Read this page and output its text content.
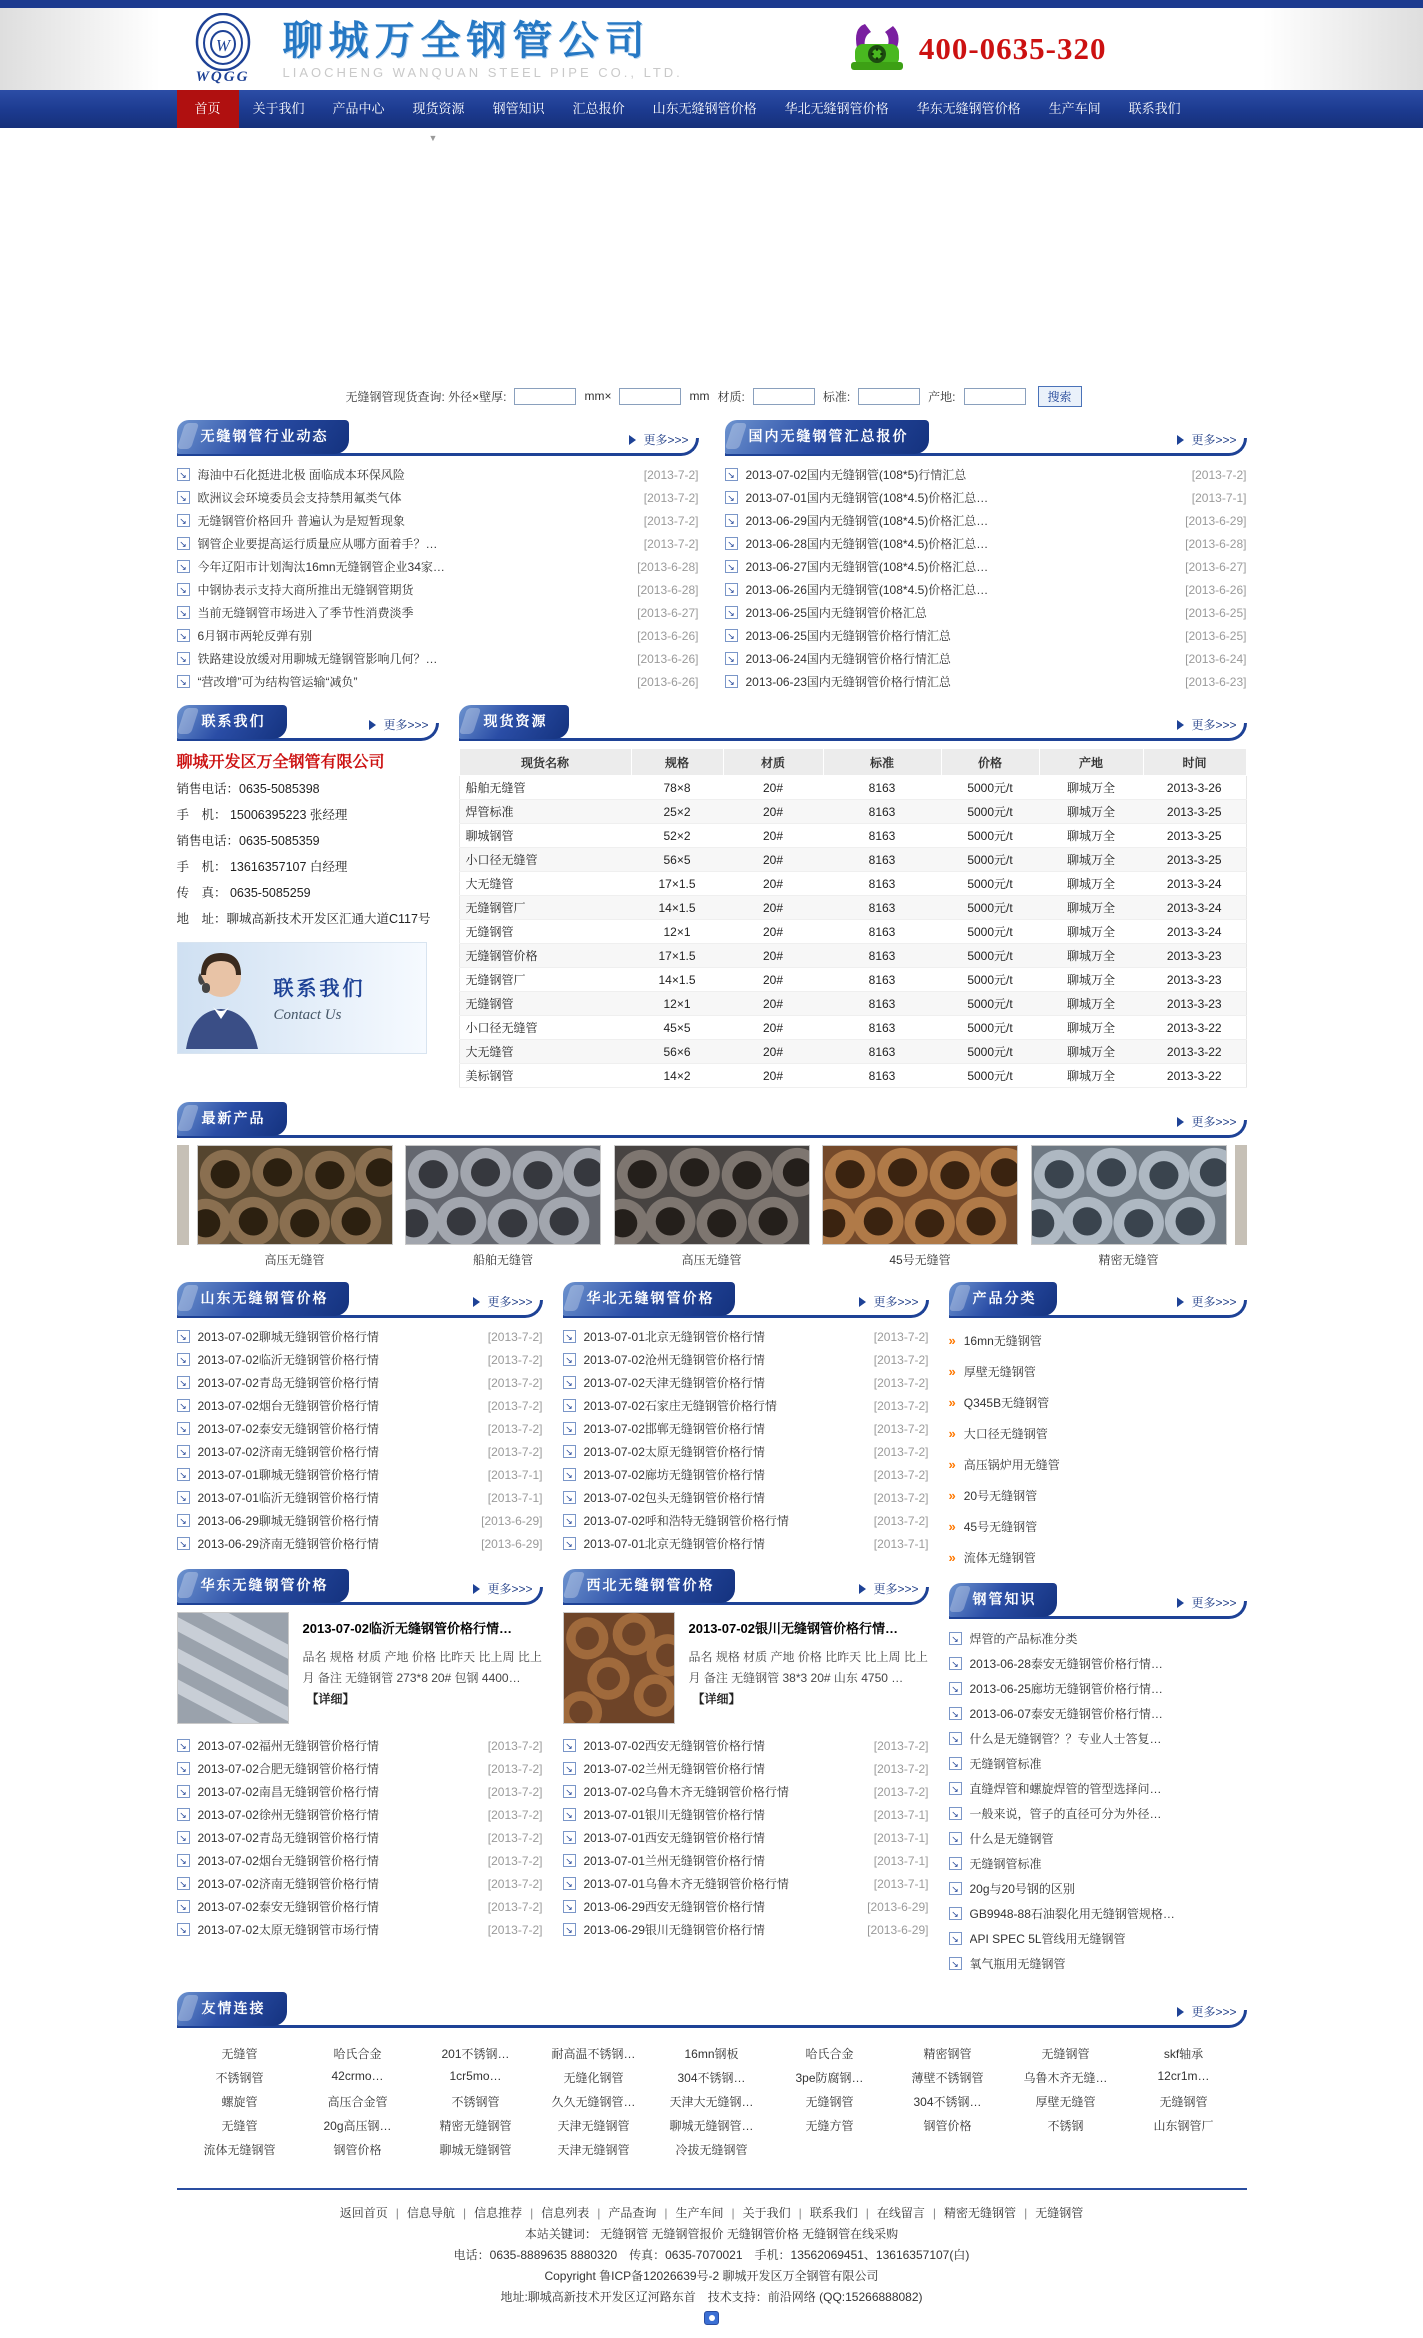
W
WQGG
聊城万全钢管公司
LIAOCHENG WANQUAN STEEL PIPE CO., LTD.
400-0635-320
首页	关于我们	产品中心	现货资源	钢管知识	汇总报价	山东无缝钢管价格	华北无缝钢管价格	华东无缝钢管价格	生产车间	联系我们
▼
无缝钢管现货查询: 外径×壁厚:	mm×	mm 材质:	标准:	产地:	搜索
无缝钢管行业动态	更多>>>
↘
海油中石化挺进北极 面临成本环保风险	[2013-7-2]
↘
欧洲议会环境委员会支持禁用氟类气体	[2013-7-2]
↘
无缝钢管价格回升 普遍认为是短暂现象	[2013-7-2]
↘
钢管企业要提高运行质量应从哪方面着手？…	[2013-7-2]
↘
今年辽阳市计划淘汰16mn无缝钢管企业34家…	[2013-6-28]
↘
中钢协表示支持大商所推出无缝钢管期货	[2013-6-28]
↘
当前无缝钢管市场进入了季节性消费淡季	[2013-6-27]
↘
6月钢市两轮反弹有别	[2013-6-26]
↘
铁路建设放缓对用聊城无缝钢管影响几何？…	[2013-6-26]
↘
“营改增”可为结构管运输“减负”	[2013-6-26]
国内无缝钢管汇总报价	更多>>>
↘
2013-07-02国内无缝钢管(108*5)行情汇总	[2013-7-2]
↘
2013-07-01国内无缝钢管(108*4.5)价格汇总…	[2013-7-1]
↘
2013-06-29国内无缝钢管(108*4.5)价格汇总…	[2013-6-29]
↘
2013-06-28国内无缝钢管(108*4.5)价格汇总…	[2013-6-28]
↘
2013-06-27国内无缝钢管(108*4.5)价格汇总…	[2013-6-27]
↘
2013-06-26国内无缝钢管(108*4.5)价格汇总…	[2013-6-26]
↘
2013-06-25国内无缝钢管价格汇总	[2013-6-25]
↘
2013-06-25国内无缝钢管价格行情汇总	[2013-6-25]
↘
2013-06-24国内无缝钢管价格行情汇总	[2013-6-24]
↘
2013-06-23国内无缝钢管价格行情汇总	[2013-6-23]
联系我们	更多>>>
聊城开发区万全钢管有限公司
销售电话：0635-5085398
手　机： 15006395223 张经理
销售电话：0635-5085359
手　机： 13616357107 白经理
传　真： 0635-5085259
地　址：聊城高新技术开发区汇通大道C117号
联系我们
Contact Us
现货资源	更多>>>
现货名称	规格	材质	标准	价格	产地	时间
船舶无缝管	78×8	20#	8163	5000元/t	聊城万全	2013-3-26
焊管标准	25×2	20#	8163	5000元/t	聊城万全	2013-3-25
聊城钢管	52×2	20#	8163	5000元/t	聊城万全	2013-3-25
小口径无缝管	56×5	20#	8163	5000元/t	聊城万全	2013-3-25
大无缝管	17×1.5	20#	8163	5000元/t	聊城万全	2013-3-24
无缝钢管厂	14×1.5	20#	8163	5000元/t	聊城万全	2013-3-24
无缝钢管	12×1	20#	8163	5000元/t	聊城万全	2013-3-24
无缝钢管价格	17×1.5	20#	8163	5000元/t	聊城万全	2013-3-23
无缝钢管厂	14×1.5	20#	8163	5000元/t	聊城万全	2013-3-23
无缝钢管	12×1	20#	8163	5000元/t	聊城万全	2013-3-23
小口径无缝管	45×5	20#	8163	5000元/t	聊城万全	2013-3-22
大无缝管	56×6	20#	8163	5000元/t	聊城万全	2013-3-22
美标钢管	14×2	20#	8163	5000元/t	聊城万全	2013-3-22
最新产品	更多>>>
高压无缝管	船舶无缝管	高压无缝管	45号无缝管	精密无缝管
山东无缝钢管价格	更多>>>
↘
2013-07-02聊城无缝钢管价格行情	[2013-7-2]
↘
2013-07-02临沂无缝钢管价格行情	[2013-7-2]
↘
2013-07-02青岛无缝钢管价格行情	[2013-7-2]
↘
2013-07-02烟台无缝钢管价格行情	[2013-7-2]
↘
2013-07-02泰安无缝钢管价格行情	[2013-7-2]
↘
2013-07-02济南无缝钢管价格行情	[2013-7-2]
↘
2013-07-01聊城无缝钢管价格行情	[2013-7-1]
↘
2013-07-01临沂无缝钢管价格行情	[2013-7-1]
↘
2013-06-29聊城无缝钢管价格行情	[2013-6-29]
↘
2013-06-29济南无缝钢管价格行情	[2013-6-29]
华北无缝钢管价格	更多>>>
↘
2013-07-01北京无缝钢管价格行情	[2013-7-2]
↘
2013-07-02沧州无缝钢管价格行情	[2013-7-2]
↘
2013-07-02天津无缝钢管价格行情	[2013-7-2]
↘
2013-07-02石家庄无缝钢管价格行情	[2013-7-2]
↘
2013-07-02邯郸无缝钢管价格行情	[2013-7-2]
↘
2013-07-02太原无缝钢管价格行情	[2013-7-2]
↘
2013-07-02廊坊无缝钢管价格行情	[2013-7-2]
↘
2013-07-02包头无缝钢管价格行情	[2013-7-2]
↘
2013-07-02呼和浩特无缝钢管价格行情	[2013-7-2]
↘
2013-07-01北京无缝钢管价格行情	[2013-7-1]
华东无缝钢管价格	更多>>>
2013-07-02临沂无缝钢管价格行情…

品名 规格 材质 产地 价格 比昨天 比上周 比上月 备注 无缝钢管 273*8 20# 包钢 4400…【详细】

↘
2013-07-02福州无缝钢管价格行情	[2013-7-2]
↘
2013-07-02合肥无缝钢管价格行情	[2013-7-2]
↘
2013-07-02南昌无缝钢管价格行情	[2013-7-2]
↘
2013-07-02徐州无缝钢管价格行情	[2013-7-2]
↘
2013-07-02青岛无缝钢管价格行情	[2013-7-2]
↘
2013-07-02烟台无缝钢管价格行情	[2013-7-2]
↘
2013-07-02济南无缝钢管价格行情	[2013-7-2]
↘
2013-07-02泰安无缝钢管价格行情	[2013-7-2]
↘
2013-07-02太原无缝钢管市场行情	[2013-7-2]
西北无缝钢管价格	更多>>>
2013-07-02银川无缝钢管价格行情…

品名 规格 材质 产地 价格 比昨天 比上周 比上月 备注 无缝钢管 38*3 20# 山东 4750 …【详细】

↘
2013-07-02西安无缝钢管价格行情	[2013-7-2]
↘
2013-07-02兰州无缝钢管价格行情	[2013-7-2]
↘
2013-07-02乌鲁木齐无缝钢管价格行情	[2013-7-2]
↘
2013-07-01银川无缝钢管价格行情	[2013-7-1]
↘
2013-07-01西安无缝钢管价格行情	[2013-7-1]
↘
2013-07-01兰州无缝钢管价格行情	[2013-7-1]
↘
2013-07-01乌鲁木齐无缝钢管价格行情	[2013-7-1]
↘
2013-06-29西安无缝钢管价格行情	[2013-6-29]
↘
2013-06-29银川无缝钢管价格行情	[2013-6-29]
产品分类	更多>>>
»
16mn无缝钢管
»
厚壁无缝钢管
»
Q345B无缝钢管
»
大口径无缝钢管
»
高压锅炉用无缝管
»
20号无缝钢管
»
45号无缝钢管
»
流体无缝钢管
钢管知识	更多>>>
↘
焊管的产品标准分类
↘
2013-06-28泰安无缝钢管价格行情…
↘
2013-06-25廊坊无缝钢管价格行情…
↘
2013-06-07泰安无缝钢管价格行情…
↘
什么是无缝钢管？？专业人士答复…
↘
无缝钢管标准
↘
直缝焊管和螺旋焊管的管型选择问…
↘
一般来说，管子的直径可分为外径…
↘
什么是无缝钢管
↘
无缝钢管标准
↘
20g与20号钢的区别
↘
GB9948-88石油裂化用无缝钢管规格…
↘
API SPEC 5L管线用无缝钢管
↘
氧气瓶用无缝钢管
友情连接	更多>>>
无缝管	哈氏合金	201不锈钢…	耐高温不锈钢…	16mn钢板	哈氏合金	精密钢管	无缝钢管	skf轴承
不锈钢管	42crmo…	1cr5mo…	无缝化钢管	304不锈钢…	3pe防腐钢…	薄壁不锈钢管	乌鲁木齐无缝…	12cr1m…
螺旋管	高压合金管	不锈钢管	久久无缝钢管…	天津大无缝钢…	无缝钢管	304不锈钢…	厚壁无缝管	无缝钢管
无缝管	20g高压钢…	精密无缝钢管	天津无缝钢管	聊城无缝钢管…	无缝方管	钢管价格	不锈钢	山东钢管厂
流体无缝钢管	钢管价格	聊城无缝钢管	天津无缝钢管	冷拔无缝钢管
返回首页 | 信息导航 | 信息推荐 | 信息列表 | 产品查询 | 生产车间 | 关于我们 | 联系我们 | 在线留言 | 精密无缝钢管 | 无缝钢管
本站关键词： 无缝钢管 无缝钢管报价 无缝钢管价格 无缝钢管在线采购
电话：0635-8889635 8880320　传真：0635-7070021　手机：13562069451、13616357107(白)
Copyright 鲁ICP备12026639号-2 聊城开发区万全钢管有限公司
地址:聊城高新技术开发区辽河路东首　技术支持：前沿网络 (QQ:15266888082)
